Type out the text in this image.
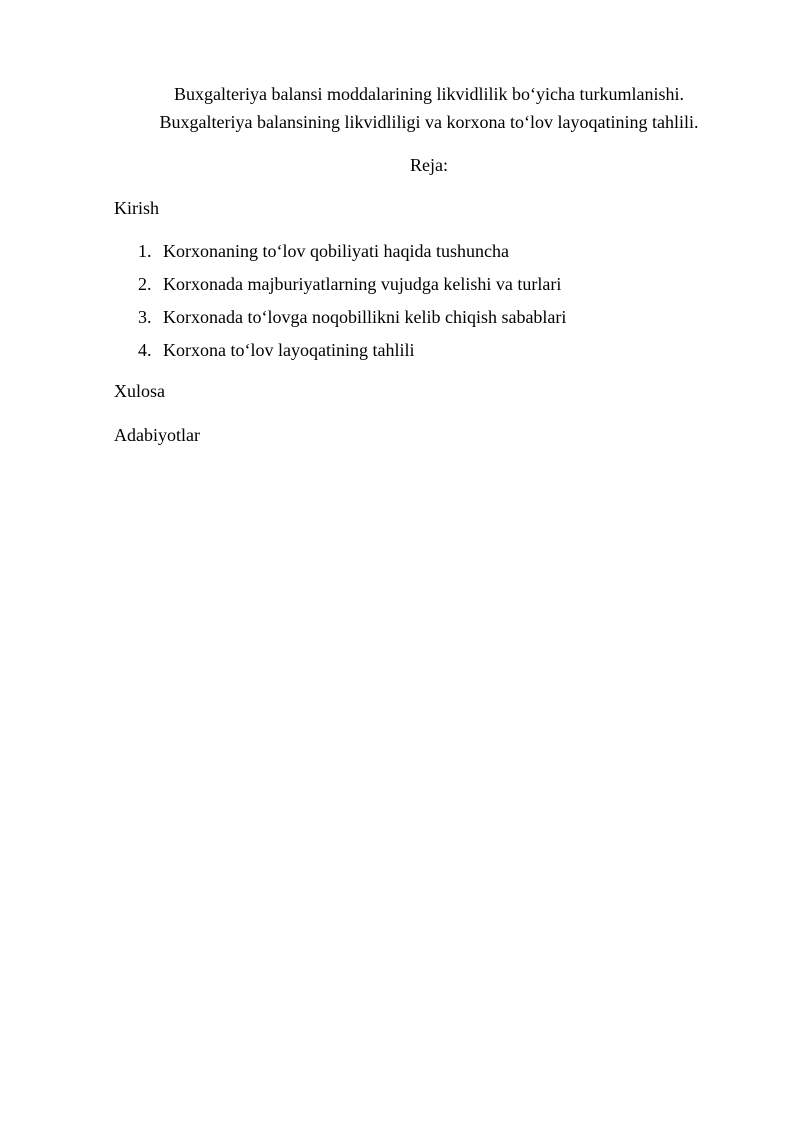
Buxgalteriya balansi moddalarining likvidlilik bo‘yicha turkumlanishi.
Buxgalteriya balansining likvidliligi va korxona to‘lov layoqatining tahlili.
Reja:
Kirish
1. Korxonaning to‘lov qobiliyati haqida tushuncha
2. Korxonada majburiyatlarning vujudga kelishi va turlari
3. Korxonada to‘lovga noqobillikni kelib chiqish sabablari
4. Korxona to‘lov layoqatining tahlili
Xulosa
Adabiyotlar
